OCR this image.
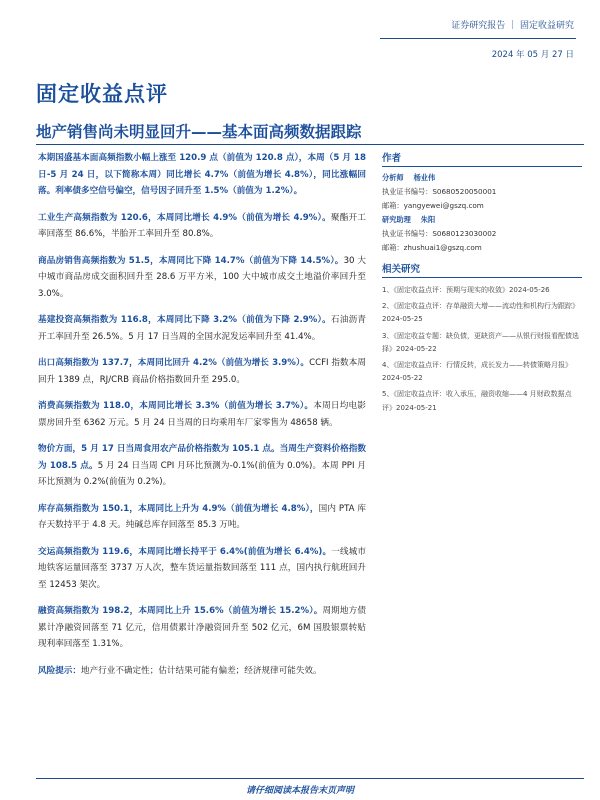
证券研究报告 ｜ 固定收益研究
2024 年 05 月 27 日
固定收益点评
地产销售尚未明显回升——基本面高频数据跟踪

本期国盛基本面高频指数小幅上涨至 120.9 点（前值为 120.8 点），本周（5 月 18 日-5 月 24 日，以下简称本周）同比增长 4.7%（前值为增长 4.8%），同比涨幅回落。利率债多空信号偏空，信号因子回升至 1.5%（前值为 1.2%）。

工业生产高频指数为 120.6，本周同比增长 4.9%（前值为增长 4.9%）。聚酯开工率回落至 86.6%，半胎开工率回升至 80.8%。

商品房销售高频指数为 51.5，本周同比下降 14.7%（前值为下降 14.5%）。30 大中城市商品房成交面积回升至 28.6 万平方米，100 大中城市成交土地溢价率回升至 3.0%。

基建投资高频指数为 116.8，本周同比下降 3.2%（前值为下降 2.9%）。石油沥青开工率回升至 26.5%。5 月 17 日当周的全国水泥发运率回升至 41.4%。

出口高频指数为 137.7，本周同比回升 4.2%（前值为增长 3.9%）。CCFI 指数本周回升 1389 点，RJ/CRB 商品价格指数回升至 295.0。

消费高频指数为 118.0，本周同比增长 3.3%（前值为增长 3.7%）。本周日均电影票房回升至 6362 万元。5 月 24 日当周的日均乘用车厂家零售为 48658 辆。

物价方面，5 月 17 日当周食用农产品价格指数为 105.1 点。当周生产资料价格指数为 108.5 点。5 月 24 日当周 CPI 月环比预测为-0.1%(前值为 0.0%)。本周 PPI 月环比预测为 0.2%(前值为 0.2%)。

库存高频指数为 150.1，本周同比上升为 4.9%（前值为增长 4.8%），国内 PTA 库存天数持平于 4.8 天。纯碱总库存回落至 85.3 万吨。

交运高频指数为 119.6，本周同比增长持平于 6.4%(前值为增长 6.4%)。一线城市地铁客运量回落至 3737 万人次，整车货运量指数回落至 111 点，国内执行航班回升至 12453 架次。

融资高频指数为 198.2，本周同比上升 15.6%（前值为增长 15.2%）。周期地方债累计净融资回落至 71 亿元，信用债累计净融资回升至 502 亿元，6M 国股银票转贴现利率回落至 1.31%。

风险提示：地产行业不确定性；估计结果可能有偏差；经济规律可能失效。

作者
分析师 杨业伟
执业证书编号：S0680520050001
邮箱：yangyewei@gszq.com
研究助理 朱阳
执业证书编号：S0680123030002
邮箱：zhushuai1@gszq.com
相关研究
1、《固定收益点评：预期与现实的收敛》2024-05-26
2、《固定收益点评：存单融资大增——流动性和机构行为跟踪》2024-05-25
3、《固定收益专题：缺负债，更缺资产——从银行财报看配债选择》2024-05-22
4、《固定收益点评：行情反转，成长发力——转债策略月报》2024-05-22
5、《固定收益点评：收入承压，融资收缩——4 月财政数据点评》2024-05-21
请仔细阅读本报告末页声明
